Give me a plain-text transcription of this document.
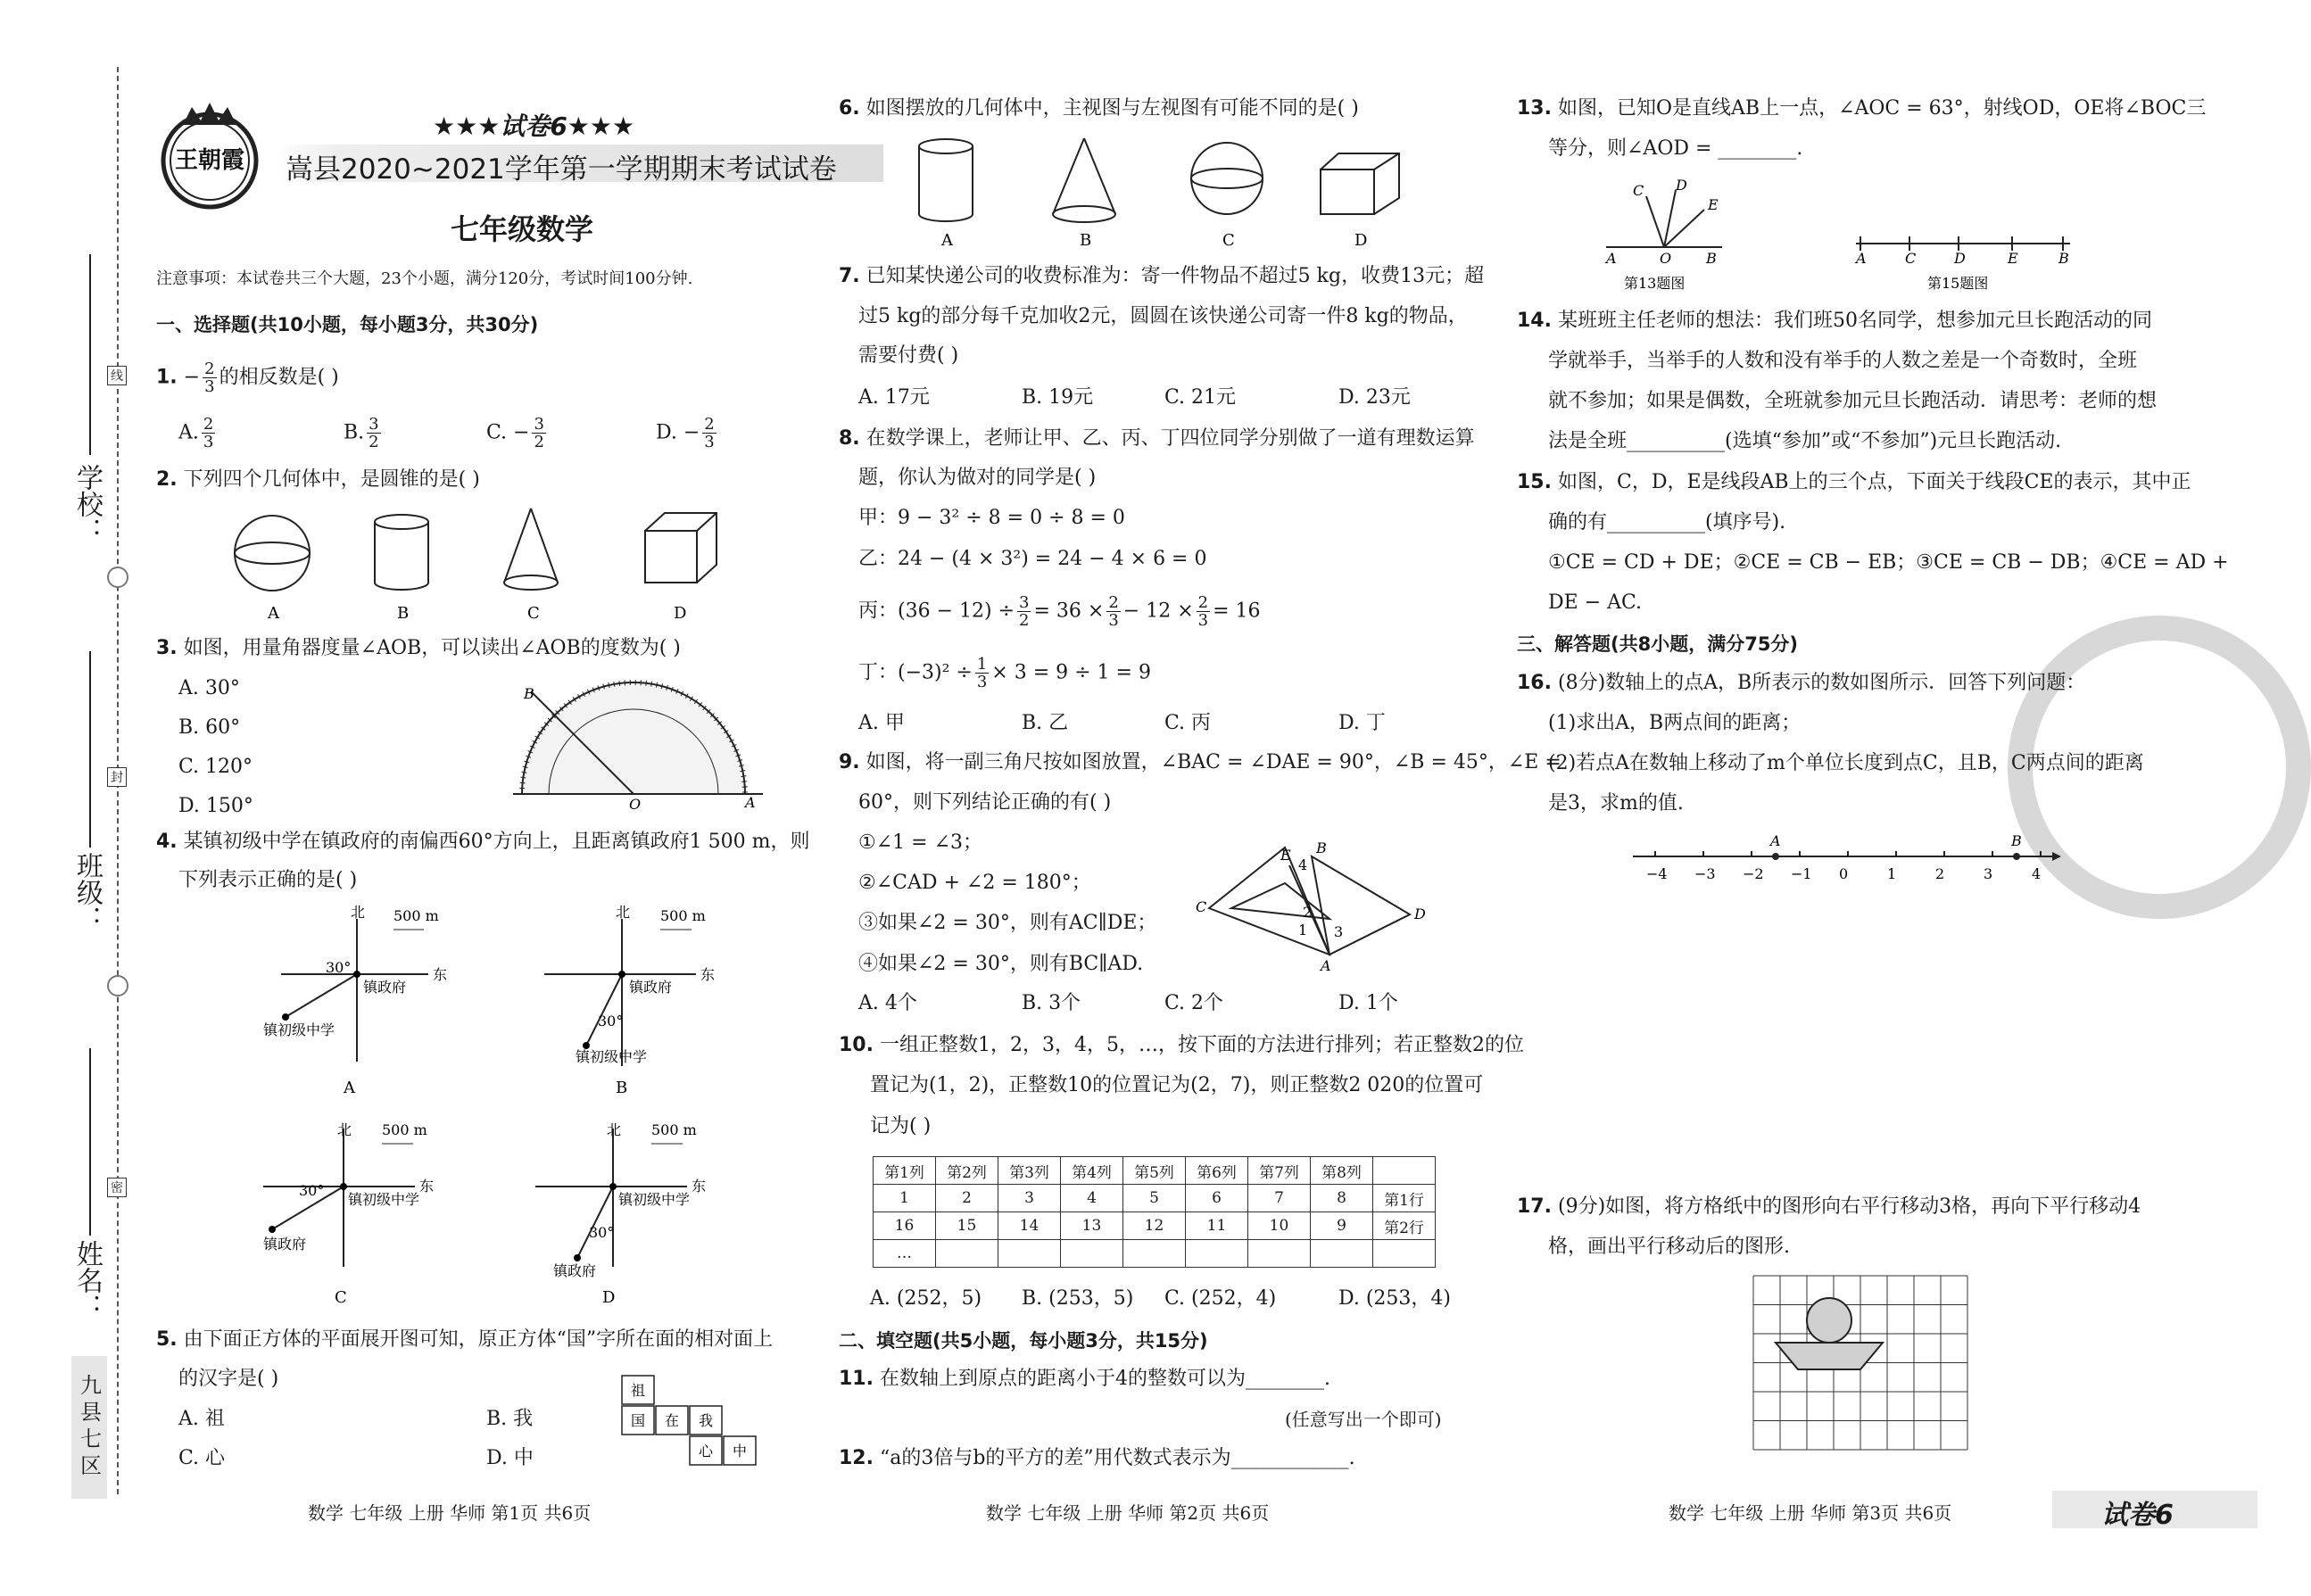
学校：
班级：
姓名：
线
封
密
九县七区
王朝霞
★★★试卷6★★★
嵩县2020~2021学年第一学期期末考试试卷
七年级数学
注意事项：本试卷共三个大题，23个小题，满分120分，考试时间100分钟.
一、选择题(共10小题，每小题3分，共30分)
1. − $\frac{2}{3}$ 的相反数是( )
A. $\frac{2}{3}$	B. $\frac{3}{2}$	C. − $\frac{3}{2}$	D. − $\frac{2}{3}$
2. 下列四个几何体中，是圆锥的是( )
A	B	C	D
3. 如图，用量角器度量∠AOB，可以读出∠AOB的度数为( )
A. 30°
B. 60°
C. 120°
D. 150°
B
O	A
4. 某镇初级中学在镇政府的南偏西60°方向上，且距离镇政府1 500 m，则
下列表示正确的是( )
北
东
500 m
镇政府
镇初级中学
30°
A
北
东
500 m
镇政府
镇初级中学
30°
B
北
东
500 m
镇初级中学
镇政府
30°
C
北
东
500 m
镇初级中学
镇政府
30°
D
5. 由下面正方体的平面展开图可知，原正方体“国”字所在面的相对面上
的汉字是( )
A. 祖	B. 我
C. 心	D. 中
祖
国 在 我
心 中
数学 七年级 上册 华师 第1页 共6页
6. 如图摆放的几何体中，主视图与左视图有可能不同的是( )
A	B	C	D
7. 已知某快递公司的收费标准为：寄一件物品不超过5 kg，收费13元；超
过5 kg的部分每千克加收2元，圆圆在该快递公司寄一件8 kg的物品，
需要付费( )
A. 17元	B. 19元	C. 21元	D. 23元
8. 在数学课上，老师让甲、乙、丙、丁四位同学分别做了一道有理数运算
题，你认为做对的同学是( )
甲：9 − 3² ÷ 8 = 0 ÷ 8 = 0
乙：24 − (4 × 3²) = 24 − 4 × 6 = 0
丙：$(36 - 12) \div \frac{3}{2} = 36 \times \frac{2}{3} - 12 \times \frac{2}{3} = 16$
丁：$(-3)^2 \div \frac{1}{3} \times 3 = 9 \div 1 = 9$
A. 甲	B. 乙	C. 丙	D. 丁
9. 如图，将一副三角尺按如图放置，∠BAC = ∠DAE = 90°，∠B = 45°，∠E =
60°，则下列结论正确的有( )
①∠1 = ∠3；
②∠CAD + ∠2 = 180°；
③如果∠2 = 30°，则有AC∥DE；
④如果∠2 = 30°，则有BC∥AD.
C
E B
D
A
4
2
1 3
A. 4个	B. 3个	C. 2个	D. 1个
10. 一组正整数1，2，3，4，5，…，按下面的方法进行排列；若正整数2的位
置记为(1，2)，正整数10的位置记为(2，7)，则正整数2 020的位置可
记为( )
第1列	第2列	第3列	第4列	第5列	第6列	第7列	第8列	
1	2	3	4	5	6	7	8	第1行
16	15	14	13	12	11	10	9	第2行
…								
A. (252，5) B. (253，5) C. (252，4)	D. (253，4)
二、填空题(共5小题，每小题3分，共15分)
11. 在数轴上到原点的距离小于4的整数可以为________.
(任意写出一个即可)
12. “a的3倍与b的平方的差”用代数式表示为____________.
数学 七年级 上册 华师 第2页 共6页
13. 如图，已知O是直线AB上一点，∠AOC = 63°，射线OD，OE将∠BOC三
等分，则∠AOD = ________.
A	O B
C D
E
A	C	D	E	B
第13题图	第15题图
14. 某班班主任老师的想法：我们班50名同学，想参加元旦长跑活动的同
学就举手，当举手的人数和没有举手的人数之差是一个奇数时，全班
就不参加；如果是偶数，全班就参加元旦长跑活动．请思考：老师的想
法是全班__________(选填“参加”或“不参加”)元旦长跑活动.
15. 如图，C，D，E是线段AB上的三个点，下面关于线段CE的表示，其中正
确的有__________(填序号).
①CE = CD + DE；②CE = CB − EB；③CE = CB − DB；④CE = AD +
DE − AC.
三、解答题(共8小题，满分75分)
16. (8分)数轴上的点A，B所表示的数如图所示．回答下列问题：
(1)求出A，B两点间的距离；
(2)若点A在数轴上移动了m个单位长度到点C，且B，C两点间的距离
是3，求m的值.
−4 −3 −2 −1 0	1	2	3	4
A	B
17. (9分)如图，将方格纸中的图形向右平行移动3格，再向下平行移动4
格，画出平行移动后的图形.
数学 七年级 上册 华师 第3页 共6页	试卷6
